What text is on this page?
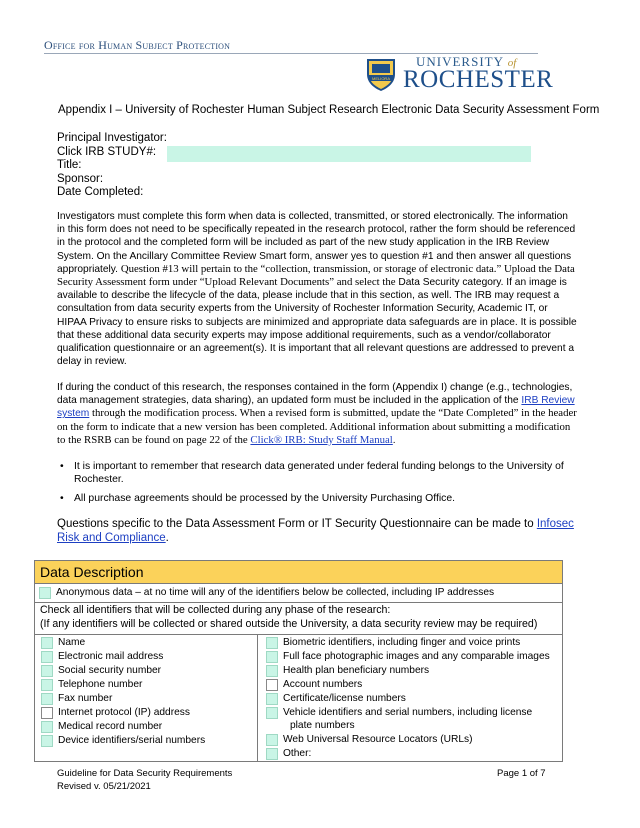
Office for Human Subject Protection
MELIORA
UNIVERSITY of
ROCHESTER
Appendix I – University of Rochester Human Subject Research Electronic Data Security Assessment Form
Principal Investigator:
Click IRB STUDY#:
Title:
Sponsor:
Date Completed:
Investigators must complete this form when data is collected, transmitted, or stored electronically. The information in this form does not need to be specifically repeated in the research protocol, rather the form should be referenced in the protocol and the completed form will be included as part of the new study application in the IRB Review System. On the Ancillary Committee Review Smart form, answer yes to question #1 and then answer all questions appropriately. Question #13 will pertain to the “collection, transmission, or storage of electronic data.” Upload the Data Security Assessment form under “Upload Relevant Documents” and select the Data Security category. If an image is available to describe the lifecycle of the data, please include that in this section, as well. The IRB may request a consultation from data security experts from the University of Rochester Information Security, Academic IT, or HIPAA Privacy to ensure risks to subjects are minimized and appropriate data safeguards are in place. It is possible that these additional data security experts may impose additional requirements, such as a vendor/collaborator qualification questionnaire or an agreement(s). It is important that all relevant questions are addressed to prevent a delay in review.
If during the conduct of this research, the responses contained in the form (Appendix I) change (e.g., technologies, data management strategies, data sharing), an updated form must be included in the application of the IRB Review system through the modification process. When a revised form is submitted, update the “Date Completed” in the header on the form to indicate that a new version has been completed. Additional information about submitting a modification to the RSRB can be found on page 22 of the Click® IRB: Study Staff Manual.
• It is important to remember that research data generated under federal funding belongs to the University of Rochester.
• All purchase agreements should be processed by the University Purchasing Office.
Questions specific to the Data Assessment Form or IT Security Questionnaire can be made to Infosec Risk and Compliance.
Data Description
Anonymous data – at no time will any of the identifiers below be collected, including IP addresses
Check all identifiers that will be collected during any phase of the research:
(If any identifiers will be collected or shared outside the University, a data security review may be required)
Name
Electronic mail address
Social security number
Telephone number
Fax number
Internet protocol (IP) address
Medical record number
Device identifiers/serial numbers
Biometric identifiers, including finger and voice prints
Full face photographic images and any comparable images
Health plan beneficiary numbers
Account numbers
Certificate/license numbers
Vehicle identifiers and serial numbers, including license
plate numbers
Web Universal Resource Locators (URLs)
Other:
Guideline for Data Security Requirements
Revised v. 05/21/2021
Page 1 of 7
